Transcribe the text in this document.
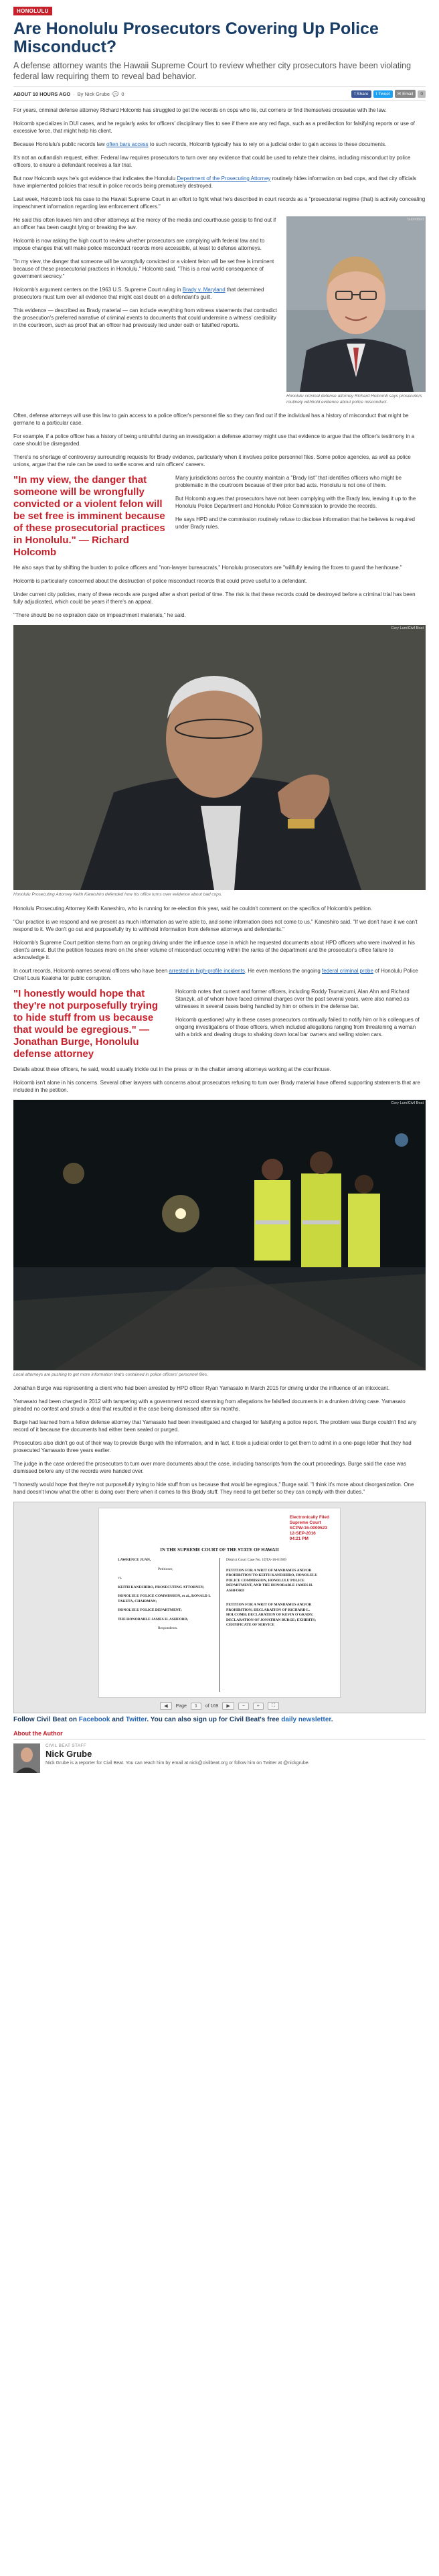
HONOLULU
Are Honolulu Prosecutors Covering Up Police Misconduct?
A defense attorney wants the Hawaii Supreme Court to review whether city prosecutors have been violating federal law requiring them to reveal bad behavior.
ABOUT 10 HOURS AGO · By Nick Grube 💬 0	f Share t Tweet ✉ Email	0

For years, criminal defense attorney Richard Holcomb has struggled to get the records on cops who lie, cut corners or find themselves crosswise with the law.

Holcomb specializes in DUI cases, and he regularly asks for officers' disciplinary files to see if there are any red flags, such as a predilection for falsifying reports or use of excessive force, that might help his client.

Because Honolulu's public records law often bars access to such records, Holcomb typically has to rely on a judicial order to gain access to these documents.

It's not an outlandish request, either. Federal law requires prosecutors to turn over any evidence that could be used to refute their claims, including misconduct by police officers, to ensure a defendant receives a fair trial.

But now Holcomb says he's got evidence that indicates the Honolulu Department of the Prosecuting Attorney routinely hides information on bad cops, and that city officials have implemented policies that result in police records being prematurely destroyed.

Last week, Holcomb took his case to the Hawaii Supreme Court in an effort to fight what he's described in court records as a "prosecutorial regime (that) is actively concealing impeachment information regarding law enforcement officers."

He said this often leaves him and other attorneys at the mercy of the media and courthouse gossip to find out if an officer has been caught lying or breaking the law.

Holcomb is now asking the high court to review whether prosecutors are complying with federal law and to impose changes that will make police misconduct records more accessible, at least to defense attorneys.

"In my view, the danger that someone will be wrongfully convicted or a violent felon will be set free is imminent because of these prosecutorial practices in Honolulu," Holcomb said. "This is a real world consequence of government secrecy."

Holcomb's argument centers on the 1963 U.S. Supreme Court ruling in Brady v. Maryland that determined prosecutors must turn over all evidence that might cast doubt on a defendant's guilt.

This evidence — described as Brady material — can include everything from witness statements that contradict the prosecution's preferred narrative of criminal events to documents that could undermine a witness' credibility in the courtroom, such as proof that an officer had previously lied under oath or falsified reports.

Submitted
Honolulu criminal defense attorney Richard Holcomb says prosecutors routinely withhold evidence about police misconduct.

Often, defense attorneys will use this law to gain access to a police officer's personnel file so they can find out if the individual has a history of misconduct that might be germane to a particular case.

For example, if a police officer has a history of being untruthful during an investigation a defense attorney might use that evidence to argue that the officer's testimony in a case should be disregarded.

There's no shortage of controversy surrounding requests for Brady evidence, particularly when it involves police personnel files. Some police agencies, as well as police unions, argue that the rule can be used to settle scores and ruin officers' careers.

"In my view, the danger that someone will be wrongfully convicted or a violent felon will be set free is imminent because of these prosecutorial practices in Honolulu." — Richard Holcomb

Many jurisdictions across the country maintain a "Brady list" that identifies officers who might be problematic in the courtroom because of their prior bad acts. Honolulu is not one of them.

But Holcomb argues that prosecutors have not been complying with the Brady law, leaving it up to the Honolulu Police Department and Honolulu Police Commission to provide the records.

He says HPD and the commission routinely refuse to disclose information that he believes is required under Brady rules.

He also says that by shifting the burden to police officers and "non-lawyer bureaucrats," Honolulu prosecutors are "willfully leaving the foxes to guard the henhouse."

Holcomb is particularly concerned about the destruction of police misconduct records that could prove useful to a defendant.

Under current city policies, many of these records are purged after a short period of time. The risk is that these records could be destroyed before a criminal trial has been fully adjudicated, which could be years if there's an appeal.

"There should be no expiration date on impeachment materials," he said.

Cory Lum/Civil Beat
Honolulu Prosecuting Attorney Keith Kaneshiro defended how his office turns over evidence about bad cops.

Honolulu Prosecuting Attorney Keith Kaneshiro, who is running for re-election this year, said he couldn't comment on the specifics of Holcomb's petition.

"Our practice is we respond and we present as much information as we're able to, and some information does not come to us," Kaneshiro said. "If we don't have it we can't respond to it. We don't go out and purposefully try to withhold information from defense attorneys and defendants."

Holcomb's Supreme Court petition stems from an ongoing driving under the influence case in which he requested documents about HPD officers who were involved in his client's arrest. But the petition focuses more on the sheer volume of misconduct occurring within the ranks of the department and the prosecutor's office failure to acknowledge it.

In court records, Holcomb names several officers who have been arrested in high-profile incidents. He even mentions the ongoing federal criminal probe of Honolulu Police Chief Louis Kealoha for public corruption.

"I honestly would hope that they're not purposefully trying to hide stuff from us because that would be egregious." — Jonathan Burge, Honolulu defense attorney

Holcomb notes that current and former officers, including Roddy Tsuneizumi, Alan Ahn and Richard Stanzyk, all of whom have faced criminal charges over the past several years, were also named as witnesses in several cases being handled by him or others in the defense bar.

Holcomb questioned why in these cases prosecutors continually failed to notify him or his colleagues of ongoing investigations of those officers, which included allegations ranging from threatening a woman with a brick and dealing drugs to shaking down local bar owners and selling stolen cars.

Details about these officers, he said, would usually trickle out in the press or in the chatter among attorneys working at the courthouse.

Holcomb isn't alone in his concerns. Several other lawyers with concerns about prosecutors refusing to turn over Brady material have offered supporting statements that are included in the petition.

Cory Lum/Civil Beat
Local attorneys are pushing to get more information that's contained in police officers' personnel files.

Jonathan Burge was representing a client who had been arrested by HPD officer Ryan Yamasato in March 2015 for driving under the influence of an intoxicant.

Yamasato had been charged in 2012 with tampering with a government record stemming from allegations he falsified documents in a drunken driving case. Yamasato pleaded no contest and struck a deal that resulted in the case being dismissed after six months.

Burge had learned from a fellow defense attorney that Yamasato had been investigated and charged for falsifying a police report. The problem was Burge couldn't find any record of it because the documents had either been sealed or purged.

Prosecutors also didn't go out of their way to provide Burge with the information, and in fact, it took a judicial order to get them to admit in a one-page letter that they had prosecuted Yamasato three years earlier.

The judge in the case ordered the prosecutors to turn over more documents about the case, including transcripts from the court proceedings. Burge said the case was dismissed before any of the records were handed over.

"I honestly would hope that they're not purposefully trying to hide stuff from us because that would be egregious," Burge said. "I think it's more about disorganization. One hand doesn't know what the other is doing over there when it comes to this Brady stuff. They need to get better so they can comply with their duties."

Electronically Filed
Supreme Court
SCPW-16-0000523
12-SEP-2016
04:21 PM
IN THE SUPREME COURT OF THE STATE OF HAWAII
LAWRENCE JUAN,
Petitioner,
vs.
KEITH KANESHIRO, PROSECUTING ATTORNEY;
HONOLULU POLICE COMMISSION, et al., RONALD I. TAKETA, CHAIRMAN;
HONOLULU POLICE DEPARTMENT;
THE HONORABLE JAMES H. ASHFORD,
Respondents.
District Court Case No. 1DTA-16-01989
PETITION FOR A WRIT OF MANDAMUS AND/OR PROHIBITION TO KEITH KANESHIRO, HONOLULU POLICE COMMISSION, HONOLULU POLICE DEPARTMENT, AND THE HONORABLE JAMES H. ASHFORD
PETITION FOR A WRIT OF MANDAMUS AND/OR PROHIBITION; DECLARATION OF RICHARD L. HOLCOMB; DECLARATION OF KEVIN O'GRADY; DECLARATION OF JONATHAN BURGE; EXHIBITS; CERTIFICATE OF SERVICE
◀	Page	1	of 169	▶	−	+	⛶
Follow Civil Beat on Facebook and Twitter. You can also sign up for Civil Beat's free daily newsletter.
About the Author
CIVIL BEAT STAFF
Nick Grube
Nick Grube is a reporter for Civil Beat. You can reach him by email at nick@civilbeat.org or follow him on Twitter at @nickgrube.
